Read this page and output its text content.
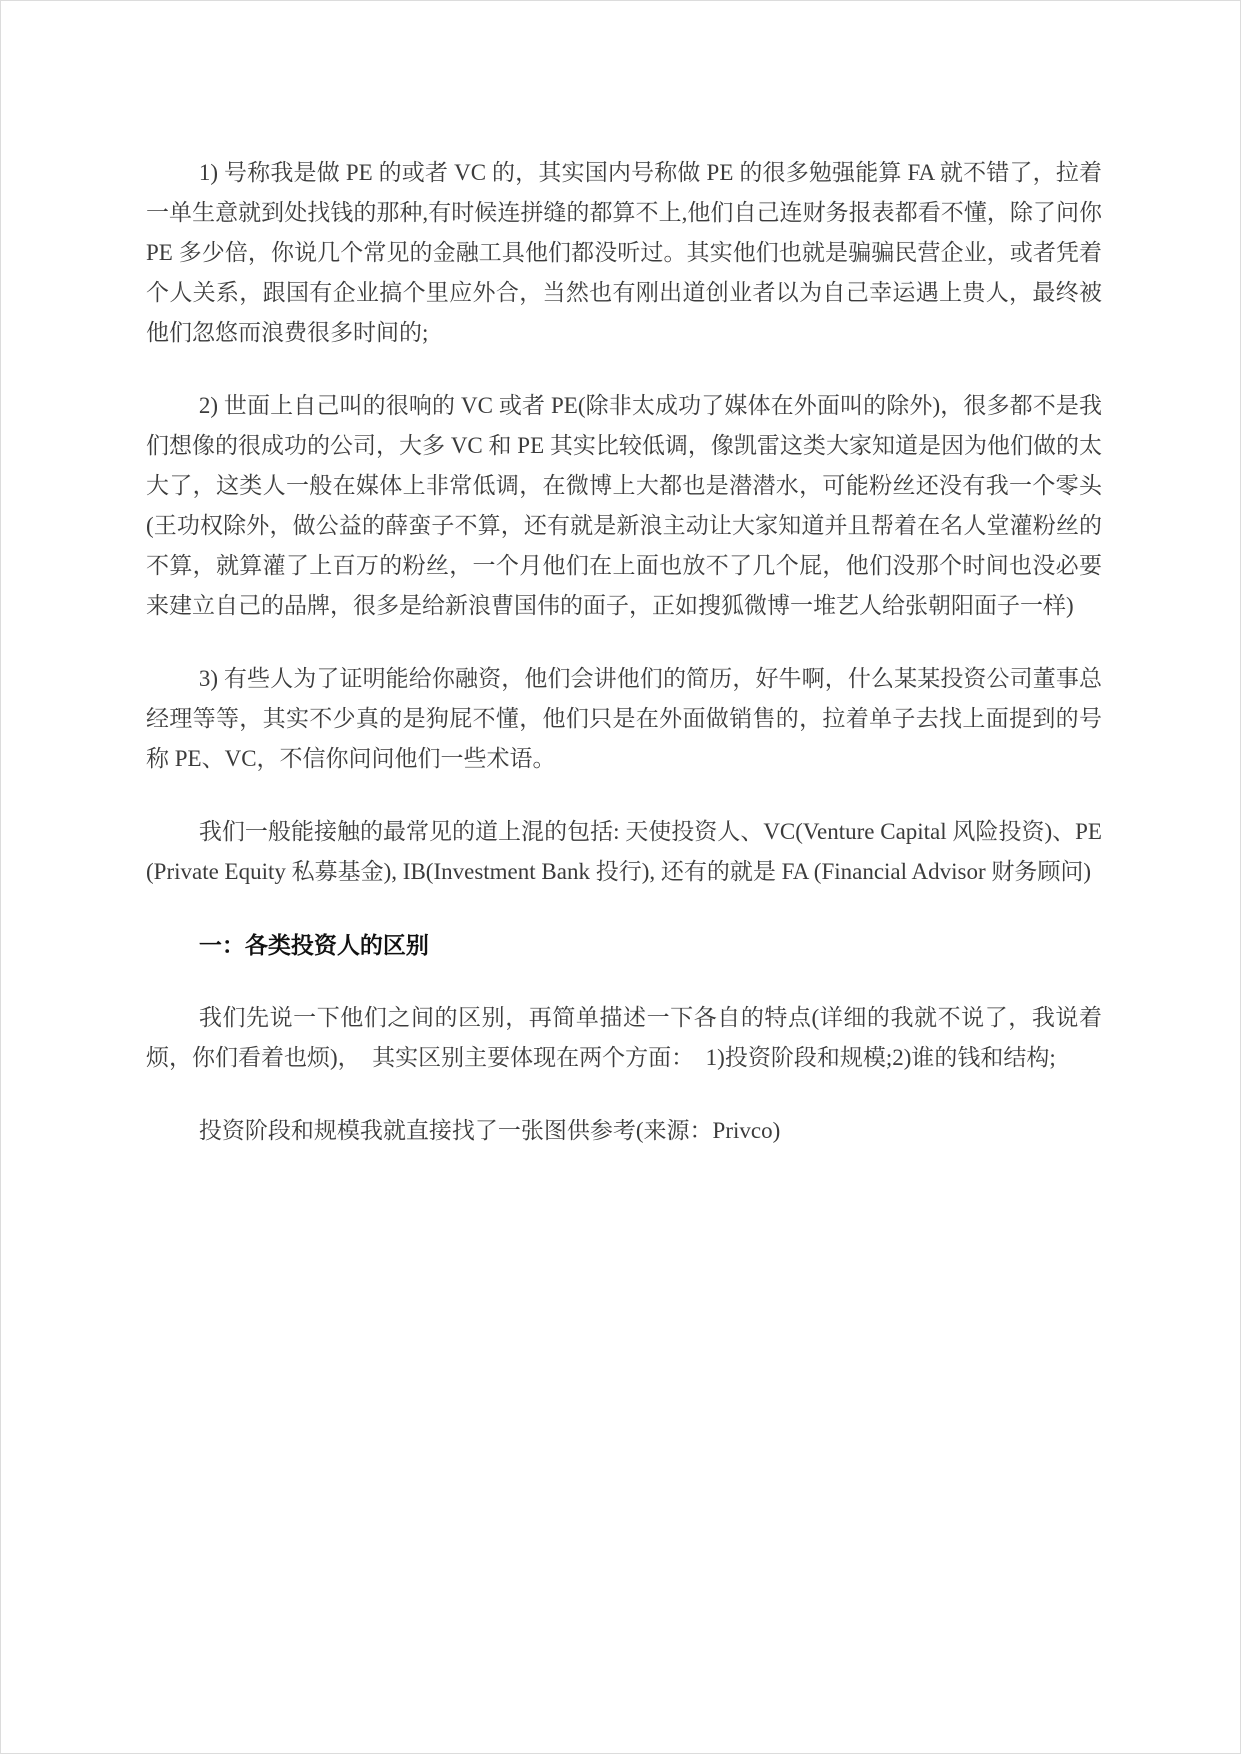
1) 号称我是做 PE 的或者 VC 的，其实国内号称做 PE 的很多勉强能算 FA 就不错了，拉着一单生意就到处找钱的那种,有时候连拼缝的都算不上,他们自己连财务报表都看不懂，除了问你 PE 多少倍，你说几个常见的金融工具他们都没听过。其实他们也就是骗骗民营企业，或者凭着个人关系，跟国有企业搞个里应外合，当然也有刚出道创业者以为自己幸运遇上贵人，最终被他们忽悠而浪费很多时间的;

2) 世面上自己叫的很响的 VC 或者 PE(除非太成功了媒体在外面叫的除外)，很多都不是我们想像的很成功的公司，大多 VC 和 PE 其实比较低调，像凯雷这类大家知道是因为他们做的太大了，这类人一般在媒体上非常低调，在微博上大都也是潜潜水，可能粉丝还没有我一个零头(王功权除外，做公益的薛蛮子不算，还有就是新浪主动让大家知道并且帮着在名人堂灌粉丝的不算，就算灌了上百万的粉丝，一个月他们在上面也放不了几个屁，他们没那个时间也没必要来建立自己的品牌，很多是给新浪曹国伟的面子，正如搜狐微博一堆艺人给张朝阳面子一样)

3) 有些人为了证明能给你融资，他们会讲他们的简历，好牛啊，什么某某投资公司董事总经理等等，其实不少真的是狗屁不懂，他们只是在外面做销售的，拉着单子去找上面提到的号称 PE、VC，不信你问问他们一些术语。

我们一般能接触的最常见的道上混的包括: 天使投资人、VC(Venture Capital 风险投资)、PE(Private Equity 私募基金), IB(Investment Bank 投行), 还有的就是 FA (Financial Advisor 财务顾问)

一：各类投资人的区别

我们先说一下他们之间的区别，再简单描述一下各自的特点(详细的我就不说了，我说着烦，你们看着也烦)，　其实区别主要体现在两个方面：　1)投资阶段和规模;2)谁的钱和结构;

投资阶段和规模我就直接找了一张图供参考(来源：Privco)
